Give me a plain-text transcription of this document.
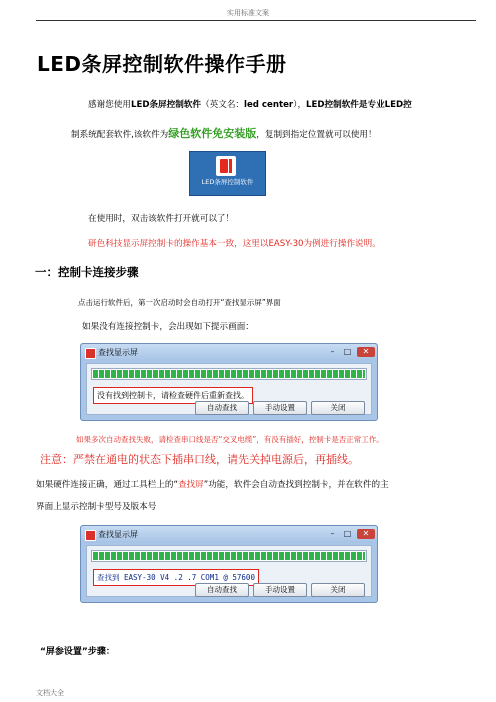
实用标准文案
LED条屏控制软件操作手册
感谢您使用LED条屏控制软件（英文名：led center），LED控制软件是专业LED控
制系统配套软件,该软件为绿色软件免安装版，复制到指定位置就可以使用！
LED条屏控制软件
在使用时，双击该软件打开就可以了！
研色科技显示屏控制卡的操作基本一致，这里以EASY-30为例进行操作说明。
一：控制卡连接步骤
点击运行软件后，第一次启动时会自动打开“查找显示屏”界面
如果没有连接控制卡，会出现如下提示画面：
查找显示屏	–	□	✕
没有找到控制卡，请检查硬件后重新查找。
自动查找	手动设置	关闭
如果多次自动查找失败，请检查串口线是否“交叉电缆”，有没有插好，控制卡是否正常工作。
注意：严禁在通电的状态下插串口线，请先关掉电源后，再插线。
如果硬件连接正确，通过工具栏上的“查找屏”功能，软件会自动查找到控制卡，并在软件的主
界面上显示控制卡型号及版本号
查找显示屏	–	□	✕
查找到 EASY-30 V4 .2 .7 COM1 @ 57600
自动查找	手动设置	关闭
“屏参设置”步骤：
文档大全
